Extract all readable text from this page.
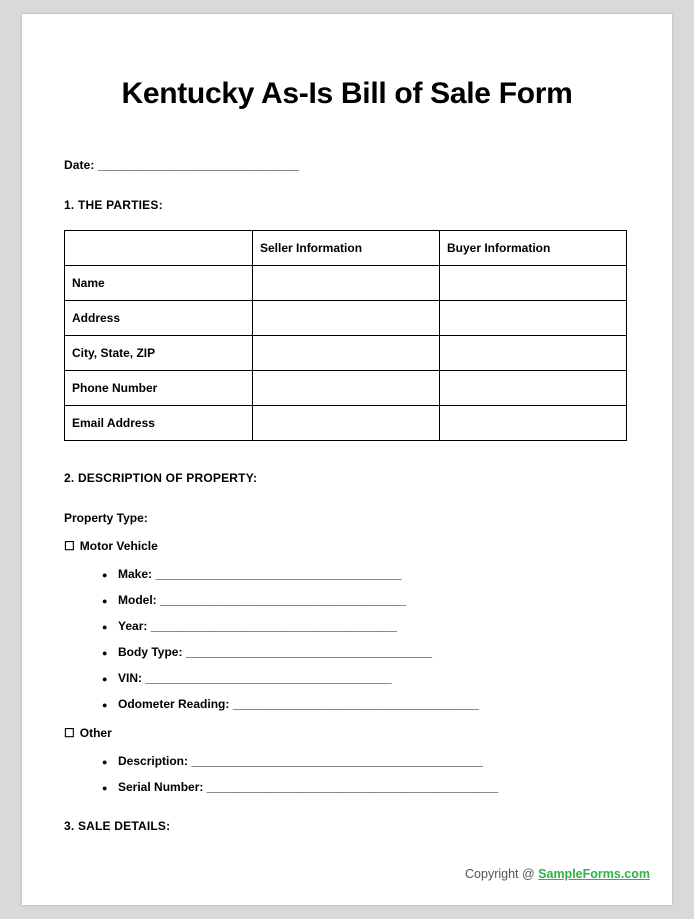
Kentucky As-Is Bill of Sale Form
Date: _______________________________
1. THE PARTIES:
	Seller Information	Buyer Information
Name		
Address		
City, State, ZIP		
Phone Number		
Email Address		
2. DESCRIPTION OF PROPERTY:
Property Type:
☐ Motor Vehicle
● Make: ______________________________________
● Model: ______________________________________
● Year: ______________________________________
● Body Type: ______________________________________
● VIN: ______________________________________
● Odometer Reading: ______________________________________
☐ Other
● Description: _____________________________________________
● Serial Number: _____________________________________________
3. SALE DETAILS:
Copyright @ SampleForms.com
